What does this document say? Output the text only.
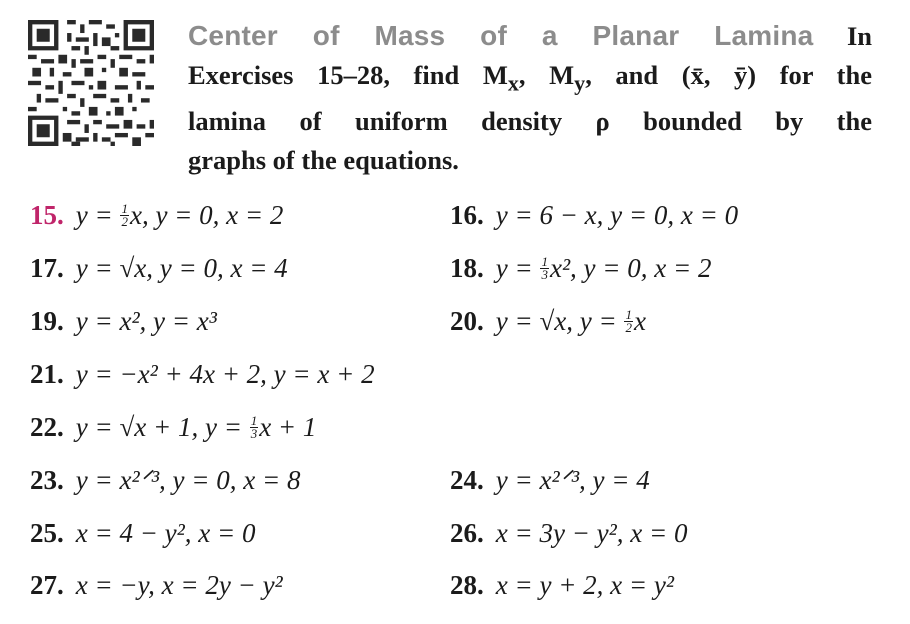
Center of Mass of a Planar Lamina In

Exercises 15–28, find $M_x$, $M_y$, and (x̄, ȳ) for the

lamina of uniform density ρ bounded by the

graphs of the equations.

15. $y = \frac{1}{2} x$, y = 0, x = 2	16. y = 6 − x, y = 0, x = 0
17. y = √x, y = 0, x = 4	18. $y = \frac{1}{3} x^2$, y = 0, x = 2
19. y = x², y = x³	20. y = √x, $y = \frac{1}{2}$ x
21. y = −x² + 4x + 2, y = x + 2
22. y = √x + 1, $y = \frac{1}{3}$ x + 1
23. y = x²ᐟ³, y = 0, x = 8	24. y = x²ᐟ³, y = 4
25. x = 4 − y², x = 0	26. x = 3y − y², x = 0
27. x = −y, x = 2y − y²	28. x = y + 2, x = y²
